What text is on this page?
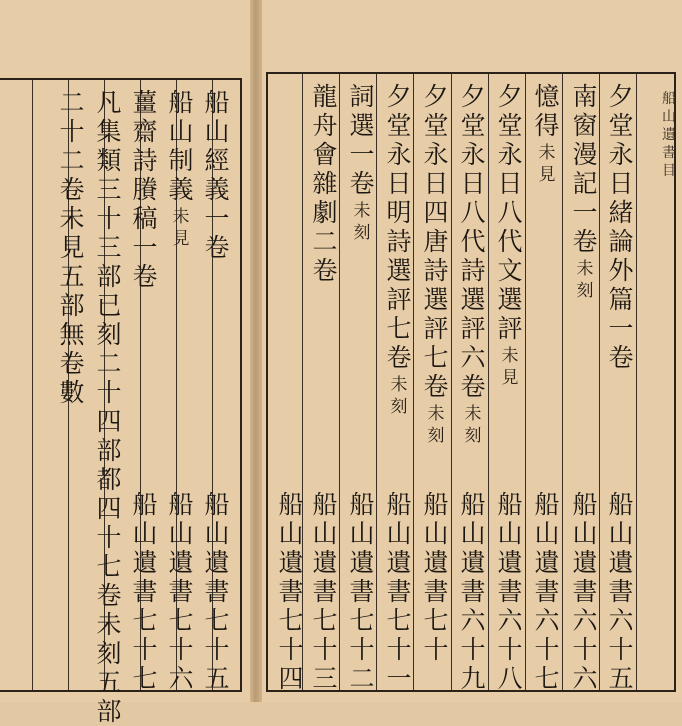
船
山
經
義
一
卷
船
山
制
義
未
見
薑
齋
詩
賸
稿
一
卷
凡
集
類
三
十
三
部
已
刻
二
十
四
部
都
四
十
七
卷
未
刻
五
部
二
十
二
卷
未
見
五
部
無
卷
數
船
山
遺
書
七
十
五
船
山
遺
書
七
十
六
船
山
遺
書
七
十
七
夕
堂
永
日
緒
論
外
篇
一
卷
南
窗
漫
記
一
卷
未
刻
憶
得
未
見
夕
堂
永
日
八
代
文
選
評
未
見
夕
堂
永
日
八
代
詩
選
評
六
卷
未
刻
夕
堂
永
日
四
唐
詩
選
評
七
卷
未
刻
夕
堂
永
日
明
詩
選
評
七
卷
未
刻
詞
選
一
卷
未
刻
龍
舟
會
雜
劇
二
卷
船
山
遺
書
六
十
五
船
山
遺
書
六
十
六
船
山
遺
書
六
十
七
船
山
遺
書
六
十
八
船
山
遺
書
六
十
九
船
山
遺
書
七
十
船
山
遺
書
七
十
一
船
山
遺
書
七
十
二
船
山
遺
書
七
十
三
船
山
遺
書
七
十
四
船
山
遺
書
目
